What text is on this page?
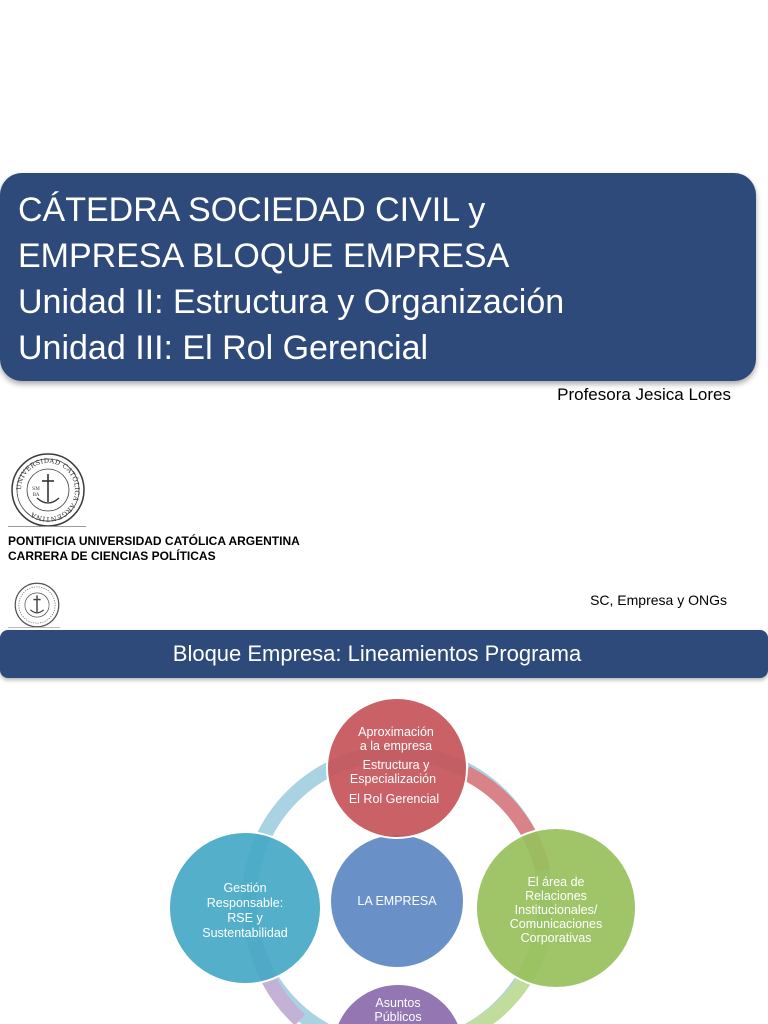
CÁTEDRA SOCIEDAD CIVIL y
EMPRESA BLOQUE EMPRESA
Unidad II: Estructura y Organización
Unidad III: El Rol Gerencial
Profesora Jesica Lores
UNIVERSIDAD CATÓLICA ARGENTINA
SM
BA
PONTIFICIA UNIVERSIDAD CATÓLICA ARGENTINA
CARRERA DE CIENCIAS POLÍTICAS
SC, Empresa y ONGs
Bloque Empresa: Lineamientos Programa
LA EMPRESA
Aproximación
a la empresa
Estructura y
Especialización
El Rol Gerencial
Gestión
Responsable:
RSE y
Sustentabilidad
El área de
Relaciones
Institucionales/
Comunicaciones
Corporativas
Asuntos
Públicos
